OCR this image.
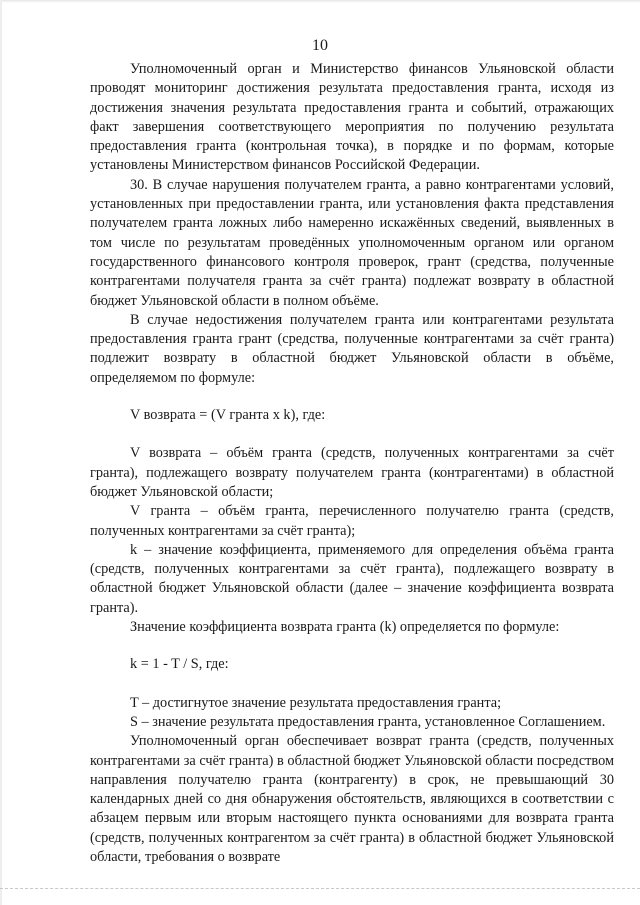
10

Уполномоченный орган и Министерство финансов Ульяновской области проводят мониторинг достижения результата предоставления гранта, исходя из достижения значения результата предоставления гранта и событий, отражающих факт завершения соответствующего мероприятия по получению результата предоставления гранта (контрольная точка), в порядке и по формам, которые установлены Министерством финансов Российской Федерации.

30. В случае нарушения получателем гранта, а равно контрагентами условий, установленных при предоставлении гранта, или установления факта представления получателем гранта ложных либо намеренно искажённых сведений, выявленных в том числе по результатам проведённых уполномоченным органом или органом государственного финансового контроля проверок, грант (средства, полученные контрагентами получателя гранта за счёт гранта) подлежат возврату в областной бюджет Ульяновской области в полном объёме.

В случае недостижения получателем гранта или контрагентами результата предоставления гранта грант (средства, полученные контрагентами за счёт гранта) подлежит возврату в областной бюджет Ульяновской области в объёме, определяемом по формуле:

V возврата = (V гранта x k), где:

V возврата – объём гранта (средств, полученных контрагентами за счёт гранта), подлежащего возврату получателем гранта (контрагентами) в областной бюджет Ульяновской области;

V гранта – объём гранта, перечисленного получателю гранта (средств, полученных контрагентами за счёт гранта);

k – значение коэффициента, применяемого для определения объёма гранта (средств, полученных контрагентами за счёт гранта), подлежащего возврату в областной бюджет Ульяновской области (далее – значение коэффициента возврата гранта).

Значение коэффициента возврата гранта (k) определяется по формуле:

k = 1 - T / S, где:

T – достигнутое значение результата предоставления гранта;

S – значение результата предоставления гранта, установленное Соглашением.

Уполномоченный орган обеспечивает возврат гранта (средств, полученных контрагентами за счёт гранта) в областной бюджет Ульяновской области посредством направления получателю гранта (контрагенту) в срок, не превышающий 30 календарных дней со дня обнаружения обстоятельств, являющихся в соответствии с абзацем первым или вторым настоящего пункта основаниями для возврата гранта (средств, полученных контрагентом за счёт гранта) в областной бюджет Ульяновской области, требования о возврате
